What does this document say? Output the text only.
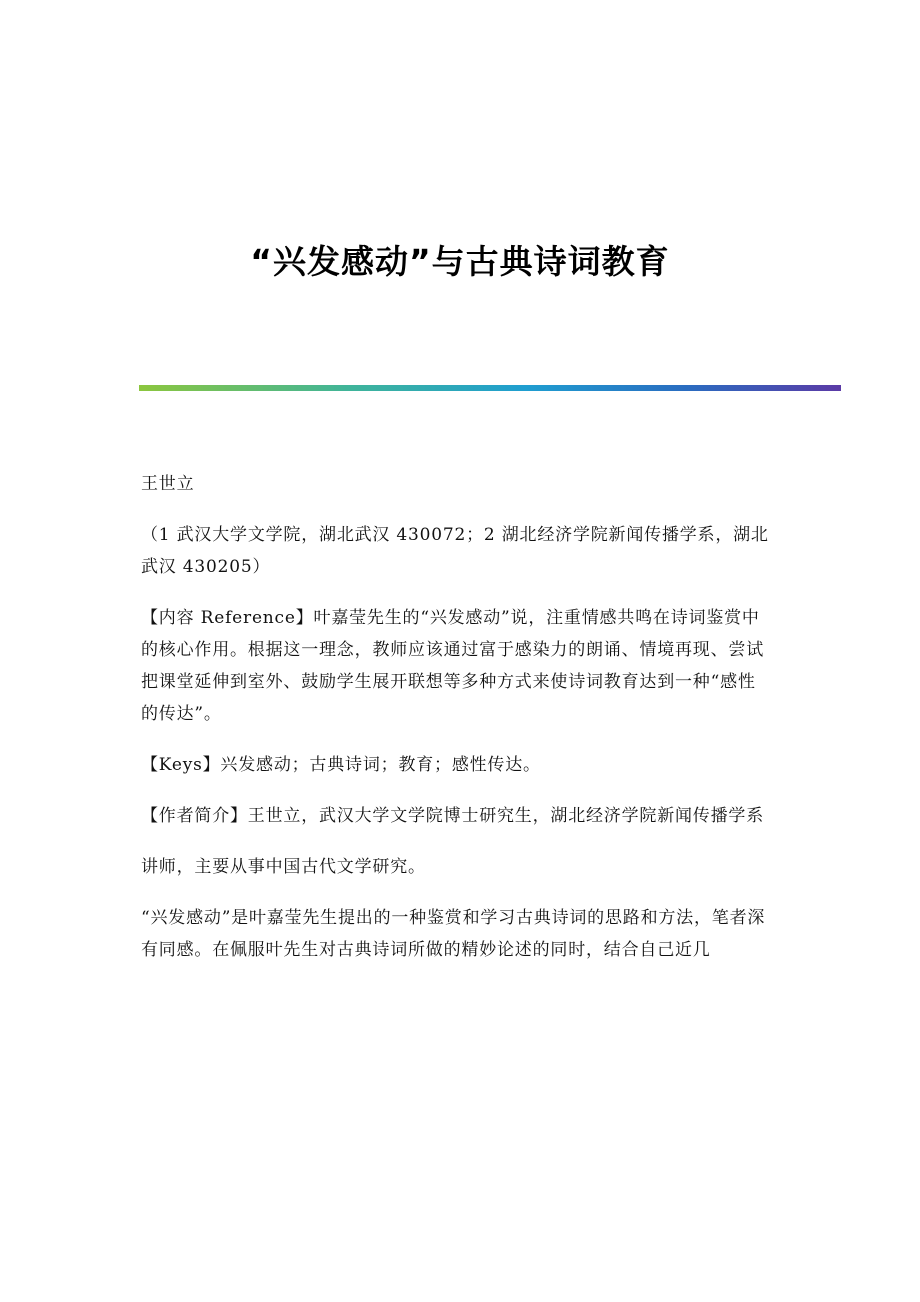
“兴发感动”与古典诗词教育

王世立

（1 武汉大学文学院，湖北武汉 430072；2 湖北经济学院新闻传播学系，湖北武汉 430205）

【内容 Reference】叶嘉莹先生的“兴发感动”说，注重情感共鸣在诗词鉴赏中的核心作用。根据这一理念，教师应该通过富于感染力的朗诵、情境再现、尝试把课堂延伸到室外、鼓励学生展开联想等多种方式来使诗词教育达到一种“感性的传达”。

【Keys】兴发感动；古典诗词；教育；感性传达。

【作者简介】王世立，武汉大学文学院博士研究生，湖北经济学院新闻传播学系

讲师，主要从事中国古代文学研究。

“兴发感动”是叶嘉莹先生提出的一种鉴赏和学习古典诗词的思路和方法，笔者深有同感。在佩服叶先生对古典诗词所做的精妙论述的同时，结合自己近几
